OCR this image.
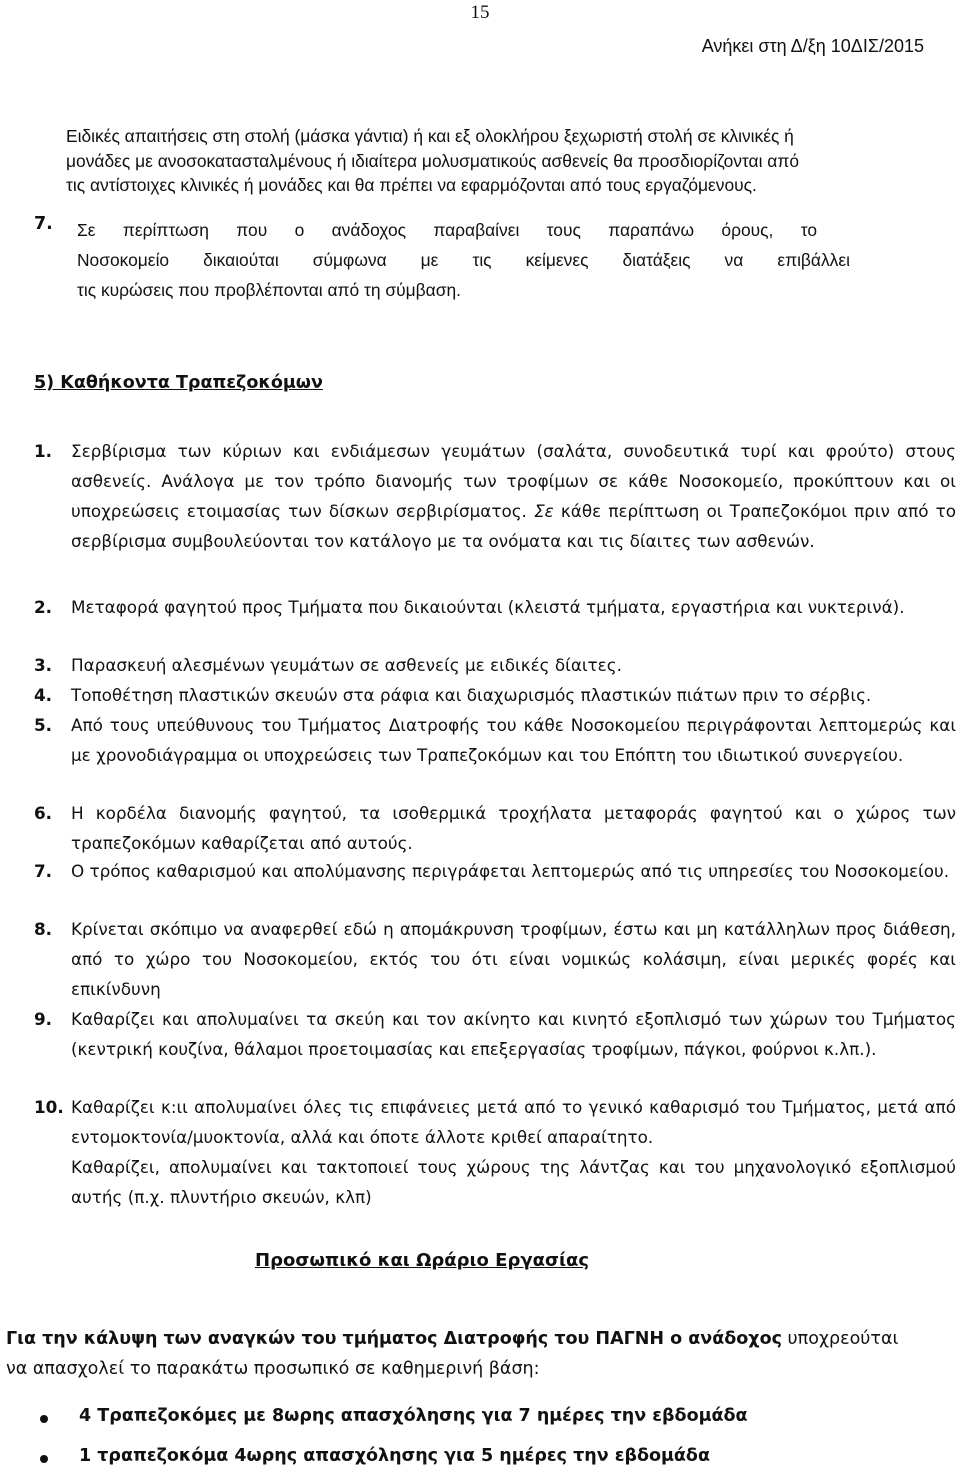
15
Ανήκει στη Δ/ξη 10ΔΙΣ/2015
Ειδικές απαιτήσεις στη στολή (μάσκα γάντια) ή και εξ ολοκλήρου ξεχωριστή στολή σε κλινικές ή
μονάδες με ανοσοκατασταλμένους ή ιδιαίτερα μολυσματικούς ασθενείς θα προσδιορίζονται από
τις αντίστοιχες κλινικές ή μονάδες και θα πρέπει να εφαρμόζονται από τους εργαζόμενους.
7. Σε περίπτωση που ο ανάδοχος παραβαίνει τους παραπάνω όρους, το
Νοσοκομείο δικαιούται σύμφωνα με τις κείμενες διατάξεις να επιβάλλει
τις κυρώσεις που προβλέπονται από τη σύμβαση.
5) Καθήκοντα Τραπεζοκόμων
1.	Σερβίρισμα των κύριων και ενδιάμεσων γευμάτων (σαλάτα, συνοδευτικά τυρί και φρούτο) στους ασθενείς. Ανάλογα με τον τρόπο διανομής των τροφίμων σε κάθε Νοσοκομείο, προκύπτουν και οι υποχρεώσεις ετοιμασίας των δίσκων σερβιρίσματος. Σε κάθε περίπτωση οι Τραπεζοκόμοι πριν από το σερβίρισμα συμβουλεύονται τον κατάλογο με τα ονόματα και τις δίαιτες των ασθενών.
2.	Μεταφορά φαγητού προς Τμήματα που δικαιούνται (κλειστά τμήματα, εργαστήρια και νυκτερινά).
3.	Παρασκευή αλεσμένων γευμάτων σε ασθενείς με ειδικές δίαιτες.
4.	Τοποθέτηση πλαστικών σκευών στα ράφια και διαχωρισμός πλαστικών πιάτων πριν το σέρβις.
5.	Από τους υπεύθυνους του Τμήματος Διατροφής του κάθε Νοσοκομείου περιγράφονται λεπτομερώς και με χρονοδιάγραμμα οι υποχρεώσεις των Τραπεζοκόμων και του Επόπτη του ιδιωτικού συνεργείου.
6.	Η κορδέλα διανομής φαγητού, τα ισοθερμικά τροχήλατα μεταφοράς φαγητού και ο χώρος των τραπεζοκόμων καθαρίζεται από αυτούς.
7.	Ο τρόπος καθαρισμού και απολύμανσης περιγράφεται λεπτομερώς από τις υπηρεσίες του Νοσοκομείου.
8.	Κρίνεται σκόπιμο να αναφερθεί εδώ η απομάκρυνση τροφίμων, έστω και μη κατάλληλων προς διάθεση, από το χώρο του Νοσοκομείου, εκτός του ότι είναι νομικώς κολάσιμη, είναι μερικές φορές και επικίνδυνη
9.	Καθαρίζει και απολυμαίνει τα σκεύη και τον ακίνητο και κινητό εξοπλισμό των χώρων του Τμήματος (κεντρική κουζίνα, θάλαμοι προετοιμασίας και επεξεργασίας τροφίμων, πάγκοι, φούρνοι κ.λπ.).
10. Καθαρίζει κ:ιι απολυμαίνει όλες τις επιφάνειες μετά από το γενικό καθαρισμό του Τμήματος, μετά από εντομοκτονία/μυοκτονία, αλλά και όποτε άλλοτε κριθεί απαραίτητο.
Καθαρίζει, απολυμαίνει και τακτοποιεί τους χώρους της λάντζας και του μηχανολογικό εξοπλισμού αυτής (π.χ. πλυντήριο σκευών, κλπ)
Προσωπικό και Ωράριο Εργασίας
Για την κάλυψη των αναγκών του τμήματος Διατροφής του ΠΑΓΝΗ ο ανάδοχος υποχρεούται
να απασχολεί το παρακάτω προσωπικό σε καθημερινή βάση:
4 Τραπεζοκόμες με 8ωρης απασχόλησης για 7 ημέρες την εβδομάδα
1 τραπεζοκόμα 4ωρης απασχόλησης για 5 ημέρες την εβδομάδα
